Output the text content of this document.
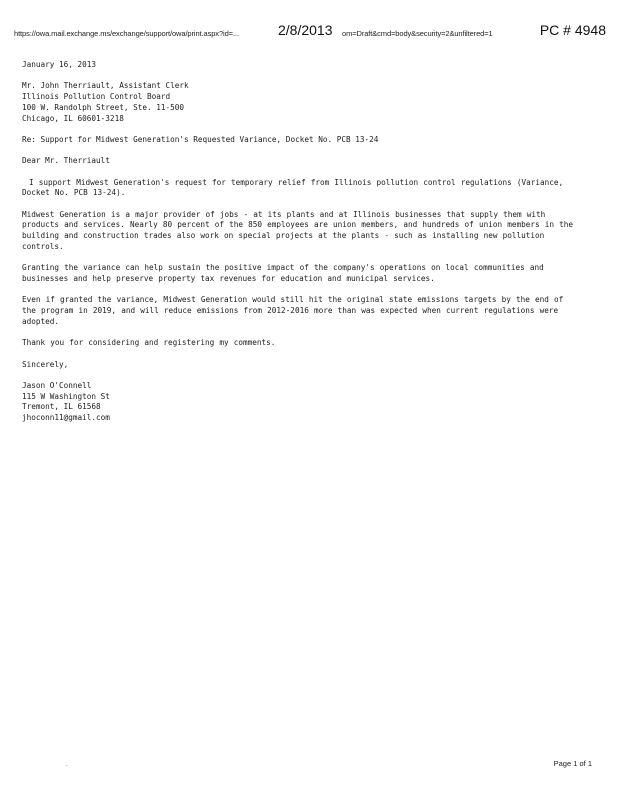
https://owa.mail.exchange.ms/exchange/support/owa/print.aspx?id=...	2/8/2013 om=Draft&cmd=body&security=2&unfiltered=1	PC # 4948
January 16, 2013
Mr. John Therriault, Assistant Clerk
Illinois Pollution Control Board
100 W. Randolph Street, Ste. 11-500
Chicago, IL 60601-3218
Re: Support for Midwest Generation's Requested Variance, Docket No. PCB 13-24
Dear Mr. Therriault

I support Midwest Generation's request for temporary relief from Illinois pollution control regulations (Variance, Docket No. PCB 13-24).

Midwest Generation is a major provider of jobs - at its plants and at Illinois businesses that supply them with products and services. Nearly 80 percent of the 850 employees are union members, and hundreds of union members in the building and construction trades also work on special projects at the plants - such as installing new pollution controls.

Granting the variance can help sustain the positive impact of the company's operations on local communities and businesses and help preserve property tax revenues for education and municipal services.

Even if granted the variance, Midwest Generation would still hit the original state emissions targets by the end of the program in 2019, and will reduce emissions from 2012-2016 more than was expected when current regulations were adopted.

Thank you for considering and registering my comments.

Sincerely,
Jason O'Connell
115 W Washington St
Tremont, IL 61568
jhoconn11@gmail.com
.	Page 1 of 1
